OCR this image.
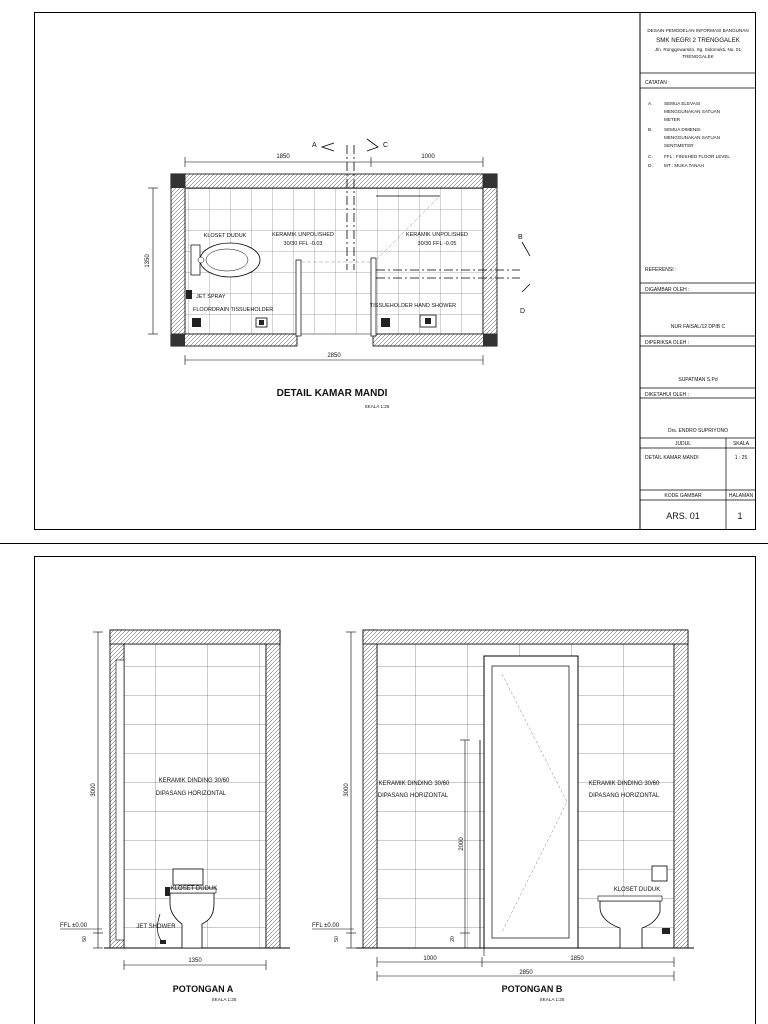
DESAIN PEMODELAN INFORMASI BANGUNAN
SMK NEGRI 2 TRENGGALEK
Jln. Ronggowarsito, Sg. Sidomukti, No. 01
TRENGGALEK
CATATAN :
A. SEMUA ELEVASI
MENGGUNAKAN SATUAN
METER
B. SEMUA DIMENSI
MENGGUNAKAN SATUAN
SENTIMETER
C. FFL : FINISHED FLOOR LEVEL
D. MT : MUKA TANAH
REFERENSI :
DIGAMBAR OLEH :
NUR FAISAL/12 DPIB C
DIPERIKSA OLEH :
SUPATMAN S.Pd
DIKETAHUI OLEH :
Drs. ENDRO SUPRIYONO
JUDUL	SKALA
DETAIL KAMAR MANDI	1 : 25
KODE GAMBAR	HALAMAN
ARS. 01	1
A	C
B
D
1850	1000
2850
1350
KLOSET DUDUK	KERAMIK UNPOLISHED
30/30 FFL -0.03
KERAMIK UNPOLISHED
30/30 FFL -0.05
JET SPRAY
FLOORDRAIN TISSUEHOLDER
TISSUEHOLDER HAND SHOWER
DETAIL KAMAR MANDI
SKALA 1:25
KERAMIK DINDING 30/60
DIPASANG HORIZONTAL
KLOSET DUDUK
JET SHOWER
3000
50
FFL ±0.00
1350
POTONGAN A
SKALA 1:25
KERAMIK DINDING 30/60
DIPASANG HORIZONTAL
KERAMIK DINDING 30/60
DIPASANG HORIZONTAL
KLOSET DUDUK
3000
50
FFL ±0.00
2000
20
1000	1850
2850
POTONGAN B
SKALA 1:25
